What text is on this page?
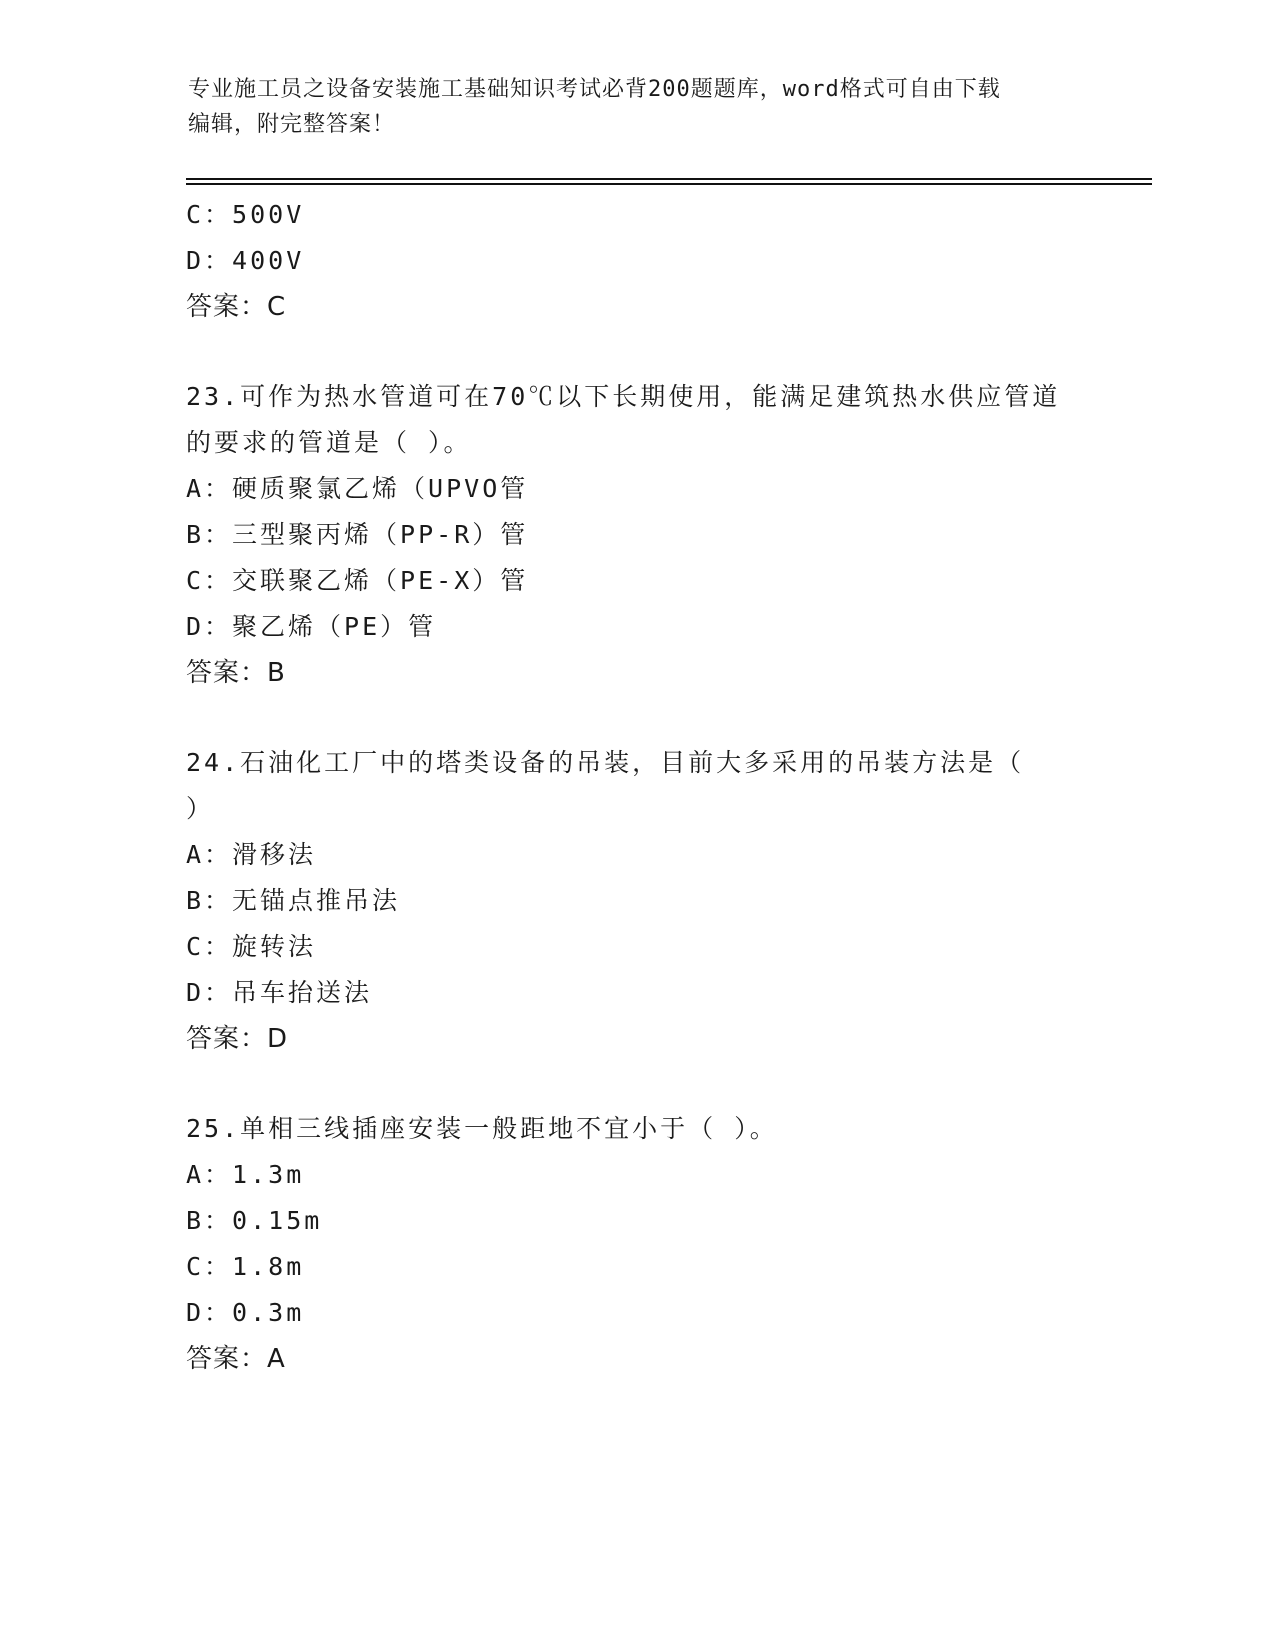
专业施工员之设备安装施工基础知识考试必背200题题库，word格式可自由下载
编辑，附完整答案！
C：500V
D：400V
答案：C
23.可作为热水管道可在70℃以下长期使用，能满足建筑热水供应管道
的要求的管道是（ ）。
A：硬质聚氯乙烯（UPVO管
B：三型聚丙烯（PP-R）管
C：交联聚乙烯（PE-X）管
D：聚乙烯（PE）管
答案：B
24.石油化工厂中的塔类设备的吊装，目前大多采用的吊装方法是（
）
A：滑移法
B：无锚点推吊法
C：旋转法
D：吊车抬送法
答案：D
25.单相三线插座安装一般距地不宜小于（ ）。
A：1.3m
B：0.15m
C：1.8m
D：0.3m
答案：A
